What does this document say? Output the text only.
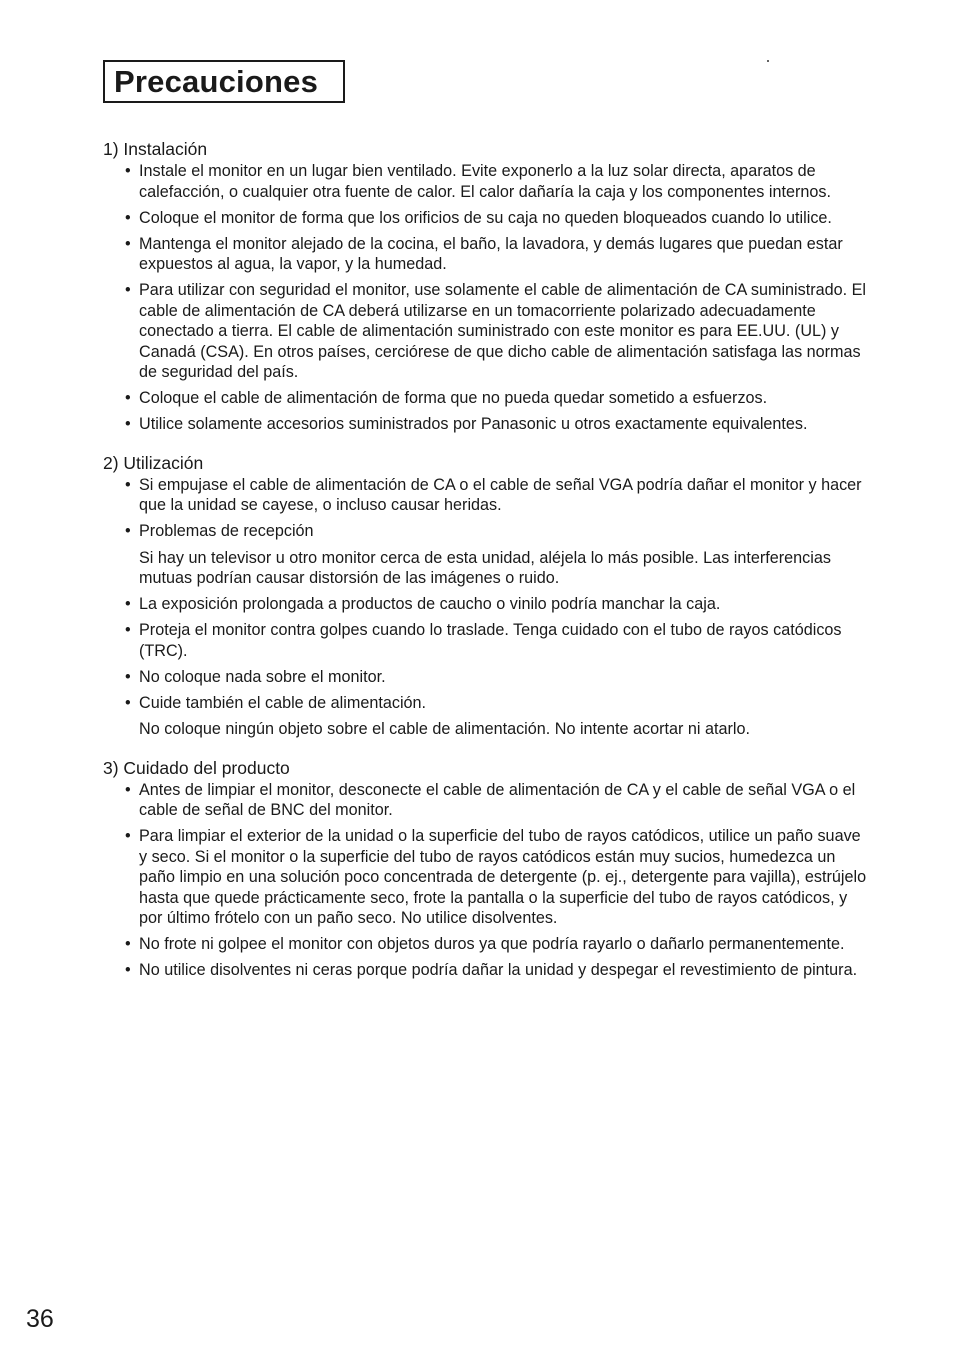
Precauciones
1) Instalación
• Instale el monitor en un lugar bien ventilado. Evite exponerlo a la luz solar directa, aparatos de calefacción, o cualquier otra fuente de calor. El calor dañaría la caja y los componentes internos.
• Coloque el monitor de forma que los orificios de su caja no queden bloqueados cuando lo utilice.
• Mantenga el monitor alejado de la cocina, el baño, la lavadora, y demás lugares que puedan estar expuestos al agua, la vapor, y la humedad.
• Para utilizar con seguridad el monitor, use solamente el cable de alimentación de CA suministrado. El cable de alimentación de CA deberá utilizarse en un tomacorriente polarizado adecuadamente conectado a tierra. El cable de alimentación suministrado con este monitor es para EE.UU. (UL) y Canadá (CSA). En otros países, cerciórese de que dicho cable de alimentación satisfaga las normas de seguridad del país.
• Coloque el cable de alimentación de forma que no pueda quedar sometido a esfuerzos.
• Utilice solamente accesorios suministrados por Panasonic u otros exactamente equivalentes.
2) Utilización
• Si empujase el cable de alimentación de CA o el cable de señal VGA podría dañar el monitor y hacer que la unidad se cayese, o incluso causar heridas.
• Problemas de recepción
Si hay un televisor u otro monitor cerca de esta unidad, aléjela lo más posible. Las interferencias mutuas podrían causar distorsión de las imágenes o ruido.
• La exposición prolongada a productos de caucho o vinilo podría manchar la caja.
• Proteja el monitor contra golpes cuando lo traslade. Tenga cuidado con el tubo de rayos catódicos (TRC).
• No coloque nada sobre el monitor.
• Cuide también el cable de alimentación.
No coloque ningún objeto sobre el cable de alimentación. No intente acortar ni atarlo.
3) Cuidado del producto
• Antes de limpiar el monitor, desconecte el cable de alimentación de CA y el cable de señal VGA o el cable de señal de BNC del monitor.
• Para limpiar el exterior de la unidad o la superficie del tubo de rayos catódicos, utilice un paño suave y seco. Si el monitor o la superficie del tubo de rayos catódicos están muy sucios, humedezca un paño limpio en una solución poco concentrada de detergente (p. ej., detergente para vajilla), estrújelo hasta que quede prácticamente seco, frote la pantalla o la superficie del tubo de rayos catódicos, y por último frótelo con un paño seco. No utilice disolventes.
• No frote ni golpee el monitor con objetos duros ya que podría rayarlo o dañarlo permanentemente.
• No utilice disolventes ni ceras porque podría dañar la unidad y despegar el revestimiento de pintura.
36
